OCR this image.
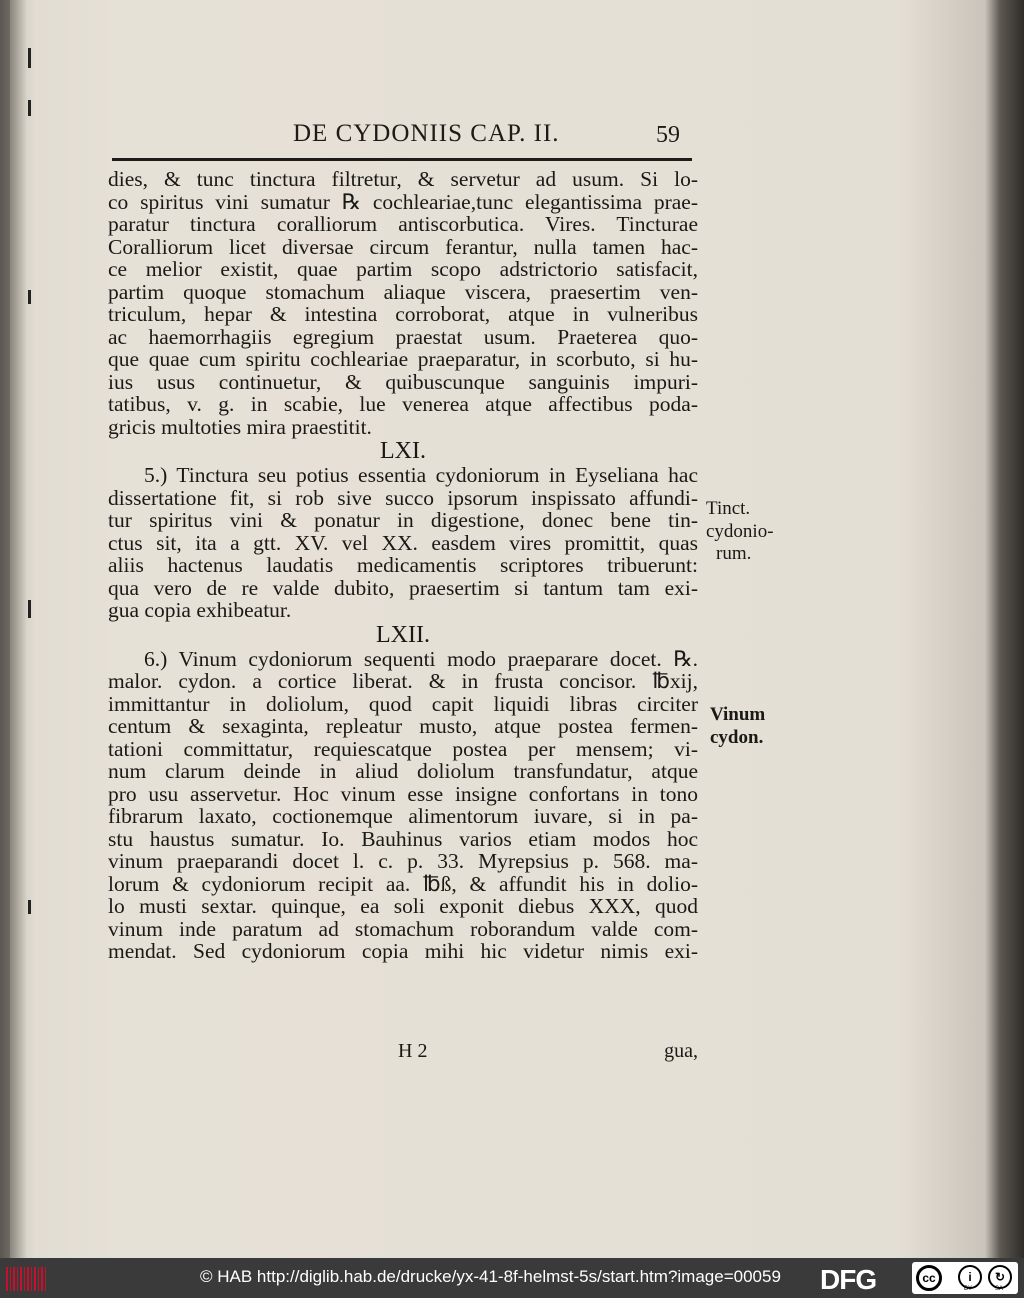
DE CYDONIIS CAP. II.	59
dies, & tunc tinctura filtretur, & servetur ad usum. Si lo-
co spiritus vini sumatur ℞ cochleariae,tunc elegantissima prae-
paratur tinctura coralliorum antiscorbutica. Vires. Tincturae
Coralliorum licet diversae circum ferantur, nulla tamen hac-
ce melior existit, quae partim scopo adstrictorio satisfacit,
partim quoque stomachum aliaque viscera, praesertim ven-
triculum, hepar & intestina corroborat, atque in vulneribus
ac haemorrhagiis egregium praestat usum. Praeterea quo-
que quae cum spiritu cochleariae praeparatur, in scorbuto, si hu-
ius usus continuetur, & quibuscunque sanguinis impuri-
tatibus, v. g. in scabie, lue venerea atque affectibus poda-
gricis multoties mira praestitit.
LXI.
5.) Tinctura seu potius essentia cydoniorum in Eyseliana hac
dissertatione fit, si rob sive succo ipsorum inspissato affundi-
tur spiritus vini & ponatur in digestione, donec bene tin-
ctus sit, ita a gtt. XV. vel XX. easdem vires promittit, quas
aliis hactenus laudatis medicamentis scriptores tribuerunt:
qua vero de re valde dubito, praesertim si tantum tam exi-
gua copia exhibeatur.
LXII.
6.) Vinum cydoniorum sequenti modo praeparare docet. ℞.
malor. cydon. a cortice liberat. & in frusta concisor. ℔xij,
immittantur in doliolum, quod capit liquidi libras circiter
centum & sexaginta, repleatur musto, atque postea fermen-
tationi committatur, requiescatque postea per mensem; vi-
num clarum deinde in aliud doliolum transfundatur, atque
pro usu asservetur. Hoc vinum esse insigne confortans in tono
fibrarum laxato, coctionemque alimentorum iuvare, si in pa-
stu haustus sumatur. Io. Bauhinus varios etiam modos hoc
vinum praeparandi docet l. c. p. 33. Myrepsius p. 568. ma-
lorum & cydoniorum recipit aa. ℔ß, & affundit his in dolio-
lo musti sextar. quinque, ea soli exponit diebus XXX, quod
vinum inde paratum ad stomachum roborandum valde com-
mendat. Sed cydoniorum copia mihi hic videtur nimis exi-
Tinct.
cydonio-
rum.
Vinum
cydon.
H 2	gua,
© HAB http://diglib.hab.de/drucke/yx-41-8f-helmst-5s/start.htm?image=00059 DFG	cc	i	↻
BY	SA
